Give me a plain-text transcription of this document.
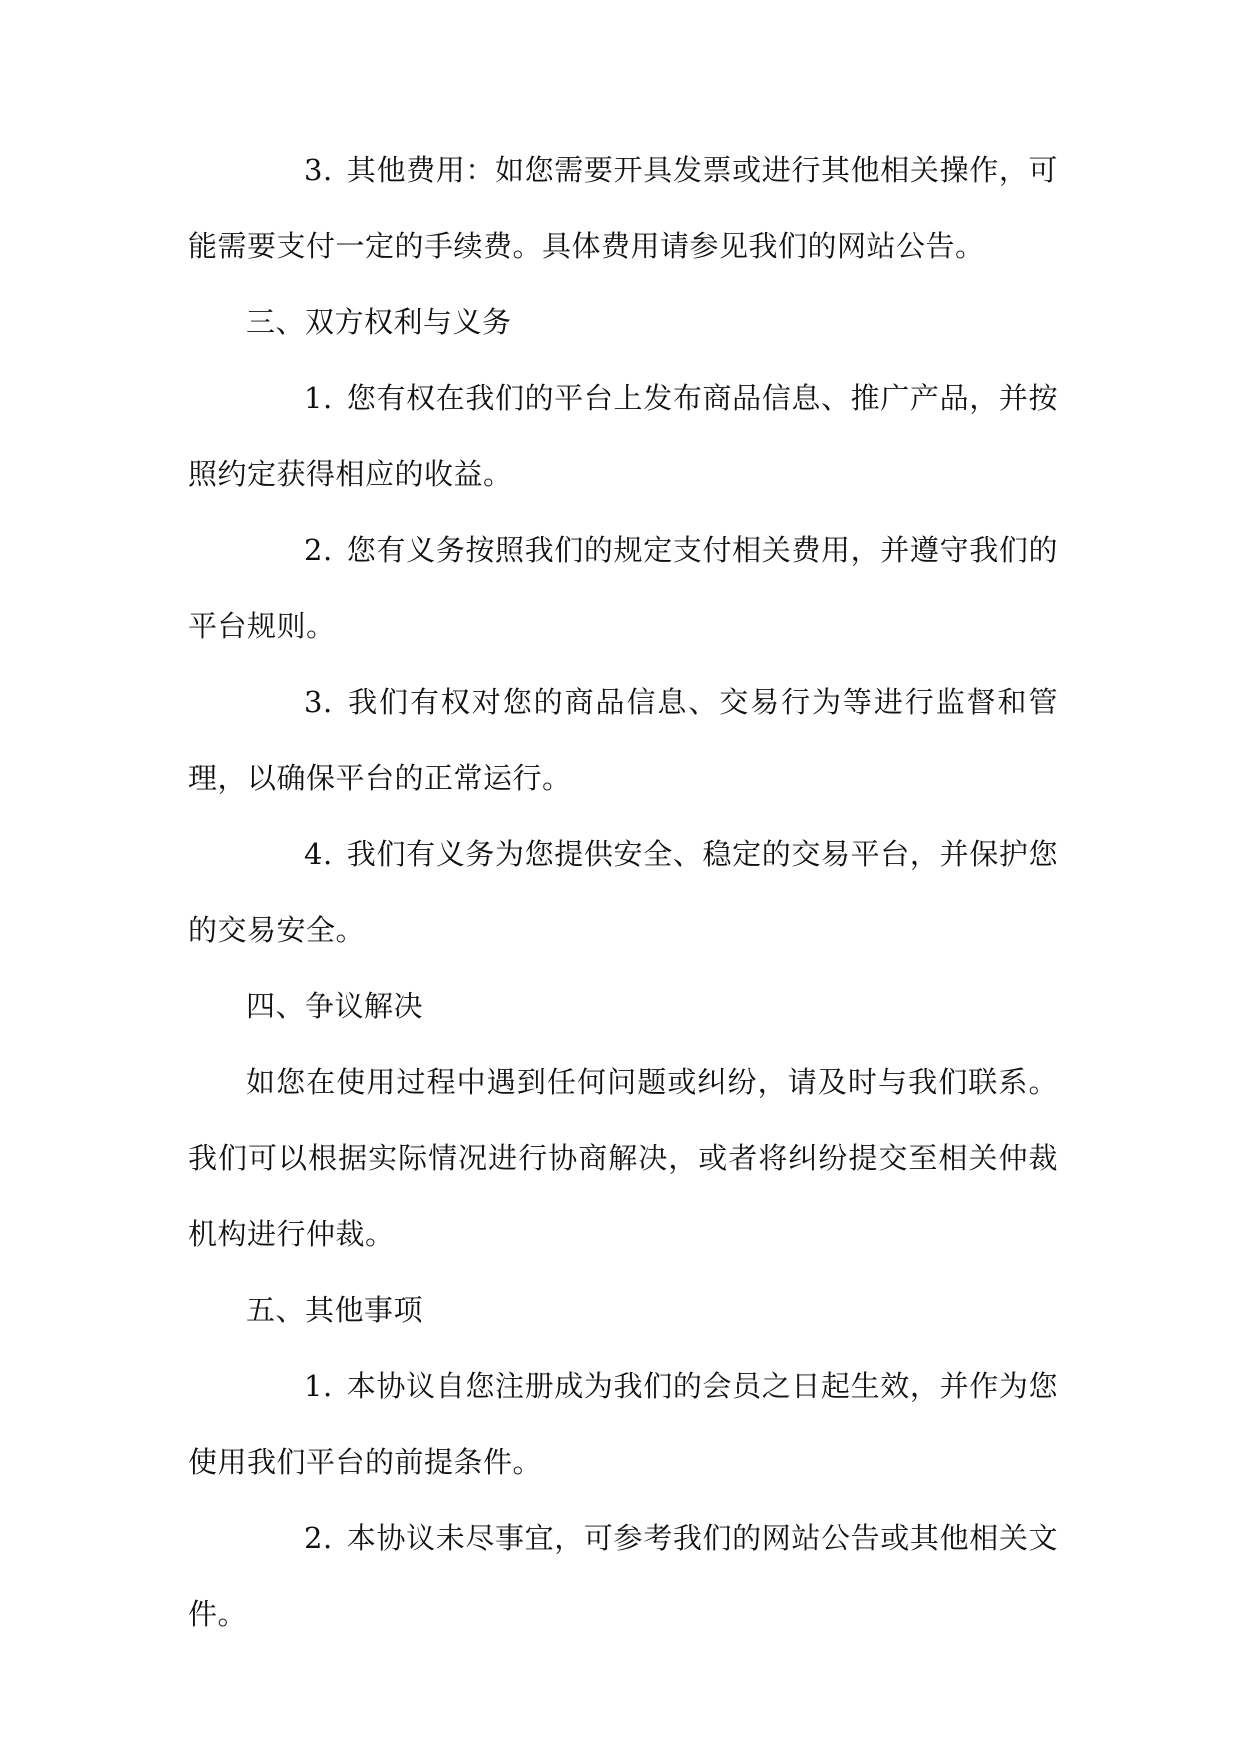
3. 其他费用：如您需要开具发票或进行其他相关操作，可能需要支付一定的手续费。具体费用请参见我们的网站公告。

三、双方权利与义务

1. 您有权在我们的平台上发布商品信息、推广产品，并按照约定获得相应的收益。

2. 您有义务按照我们的规定支付相关费用，并遵守我们的平台规则。

3. 我们有权对您的商品信息、交易行为等进行监督和管理，以确保平台的正常运行。

4. 我们有义务为您提供安全、稳定的交易平台，并保护您的交易安全。

四、争议解决

如您在使用过程中遇到任何问题或纠纷，请及时与我们联系。我们可以根据实际情况进行协商解决，或者将纠纷提交至相关仲裁机构进行仲裁。

五、其他事项

1. 本协议自您注册成为我们的会员之日起生效，并作为您使用我们平台的前提条件。

2. 本协议未尽事宜，可参考我们的网站公告或其他相关文件。
